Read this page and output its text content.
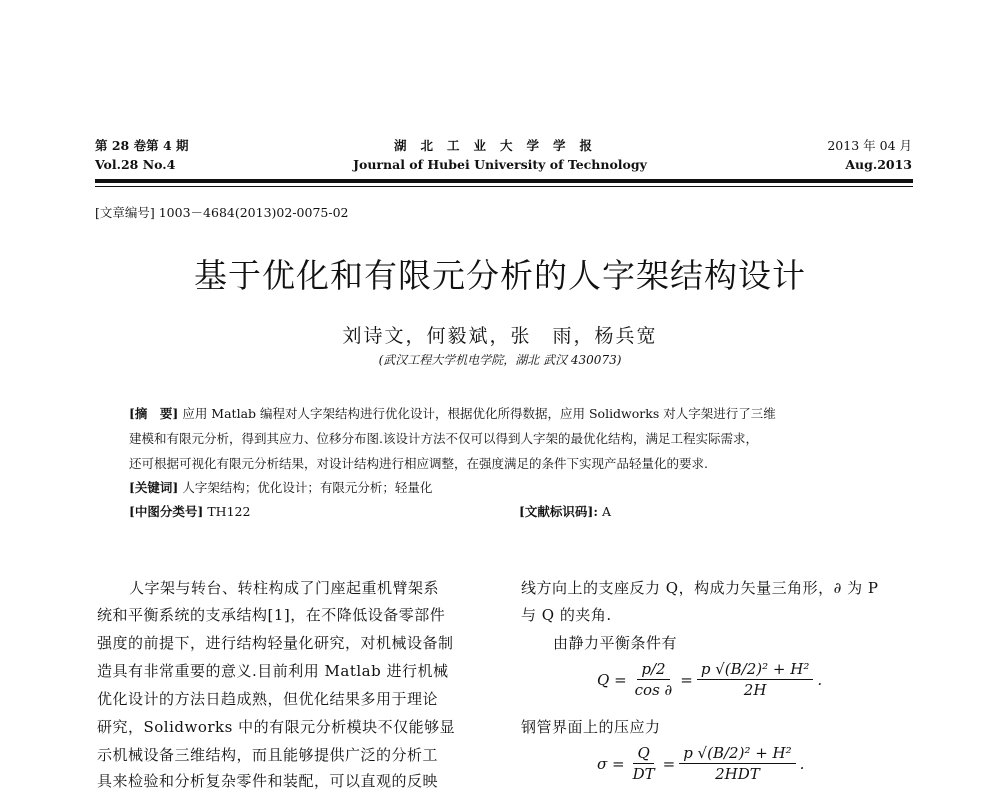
第 28 卷第 4 期
Vol.28 No.4
湖北工业大学学报
Journal of Hubei University of Technology
2013 年 04 月
Aug.2013
[文章编号] 1003－4684(2013)02-0075-02
基于优化和有限元分析的人字架结构设计
刘诗文，何毅斌，张　雨，杨兵宽
(武汉工程大学机电学院，湖北 武汉 430073)
[摘　要] 应用 Matlab 编程对人字架结构进行优化设计，根据优化所得数据，应用 Solidworks 对人字架进行了三维
建模和有限元分析，得到其应力、位移分布图.该设计方法不仅可以得到人字架的最优化结构，满足工程实际需求，
还可根据可视化有限元分析结果，对设计结构进行相应调整，在强度满足的条件下实现产品轻量化的要求.
[关键词] 人字架结构；优化设计；有限元分析；轻量化
[中图分类号] TH122	[文献标识码]: A
人字架与转台、转柱构成了门座起重机臂架系
统和平衡系统的支承结构[1]，在不降低设备零部件
强度的前提下，进行结构轻量化研究，对机械设备制
造具有非常重要的意义.目前利用 Matlab 进行机械
优化设计的方法日趋成熟，但优化结果多用于理论
研究，Solidworks 中的有限元分析模块不仅能够显
示机械设备三维结构，而且能够提供广泛的分析工
具来检验和分析复杂零件和装配，可以直观的反映
线方向上的支座反力 Q，构成力矢量三角形，∂ 为 P
与 Q 的夹角.
由静力平衡条件有
$Q = \frac{p/2}{\cos \partial} = \frac{\text{p √(B/2)² + H²}}{2H}$ .
钢管界面上的压应力
$\sigma = \frac{Q}{DT} = \frac{\text{p √(B/2)² + H²}}{\text{2HDT}}$ .
